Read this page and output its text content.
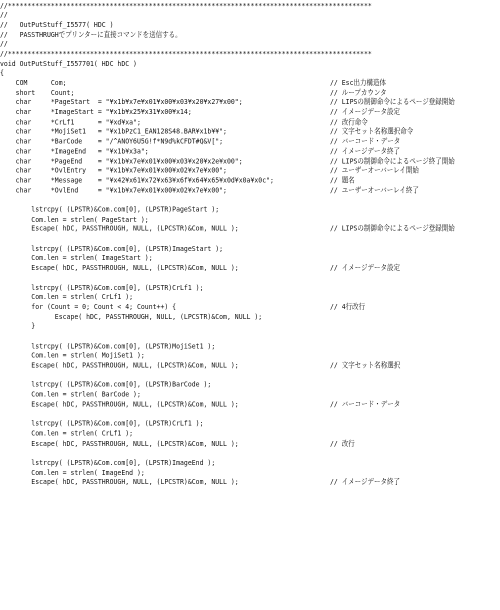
//*********************************************************************************************
//
//   OutPutStuff_I5577( HDC )
//   PASSTHRUGHでプリンターに直接コマンドを送信する。
//
//*********************************************************************************************
void OutPutStuff_I557701( HDC hDC )
{
COM      Com;	// Esc出力構造体
short    Count;	// ループカウンタ
char     *PageStart  = "¥x1b¥x7e¥x01¥x00¥x03¥x20¥x27¥x00";	// LIPSの制御命令によるページ登録開始
char     *ImageStart = "¥x1b¥x25¥x31¥x00¥x14;	// イメージデータ設定
char     *CrLf1      = "¥xd¥xa";	// 改行命令
char     *MojiSet1   = "¥x1bPzC1_EAN128S48.BAR¥x1b¥¥";	// 文字セット名称選択命令
char     *BarCode    = "/^ANOY6U5G!f*N9d%kCFDT#Q&V[";	// バーコード・データ
char     *ImageEnd   = "¥x1b¥x3a";	// イメージデータ終了
char     *PageEnd    = "¥x1b¥x7e¥x01¥x00¥x03¥x20¥x2e¥x00";	// LIPSの制御命令によるページ終了開始
char     *OvlEntry   = "¥x1b¥x7e¥x01¥x00¥x02¥x7e¥x00";	// ユーザーオーバーレイ開始
char     *Message    = "¥x42¥x61¥x72¥x63¥x6f¥x64¥x65¥x0d¥x0a¥x0c";	// 題名
char     *OvlEnd     = "¥x1b¥x7e¥x01¥x00¥x02¥x7e¥x00";	// ユーザーオーバーレイ終了
lstrcpy( (LPSTR)&Com.com[0], (LPSTR)PageStart );
Com.len = strlen( PageStart );
Escape( hDC, PASSTHROUGH, NULL, (LPCSTR)&Com, NULL );	// LIPSの制御命令によるページ登録開始
lstrcpy( (LPSTR)&Com.com[0], (LPSTR)ImageStart );
Com.len = strlen( ImageStart );
Escape( hDC, PASSTHROUGH, NULL, (LPCSTR)&Com, NULL );	// イメージデータ設定
lstrcpy( (LPSTR)&Com.com[0], (LPSTR)CrLf1 );
Com.len = strlen( CrLf1 );
for (Count = 0; Count < 4; Count++) {	// 4行改行
Escape( hDC, PASSTHROUGH, NULL, (LPCSTR)&Com, NULL );
}
lstrcpy( (LPSTR)&Com.com[0], (LPSTR)MojiSet1 );
Com.len = strlen( MojiSet1 );
Escape( hDC, PASSTHROUGH, NULL, (LPCSTR)&Com, NULL );	// 文字セット名称選択
lstrcpy( (LPSTR)&Com.com[0], (LPSTR)BarCode );
Com.len = strlen( BarCode );
Escape( hDC, PASSTHROUGH, NULL, (LPCSTR)&Com, NULL );	// バーコード・データ
lstrcpy( (LPSTR)&Com.com[0], (LPSTR)CrLf1 );
Com.len = strlen( CrLf1 );
Escape( hDC, PASSTHROUGH, NULL, (LPCSTR)&Com, NULL );	// 改行
lstrcpy( (LPSTR)&Com.com[0], (LPSTR)ImageEnd );
Com.len = strlen( ImageEnd );
Escape( hDC, PASSTHROUGH, NULL, (LPCSTR)&Com, NULL );	// イメージデータ終了
